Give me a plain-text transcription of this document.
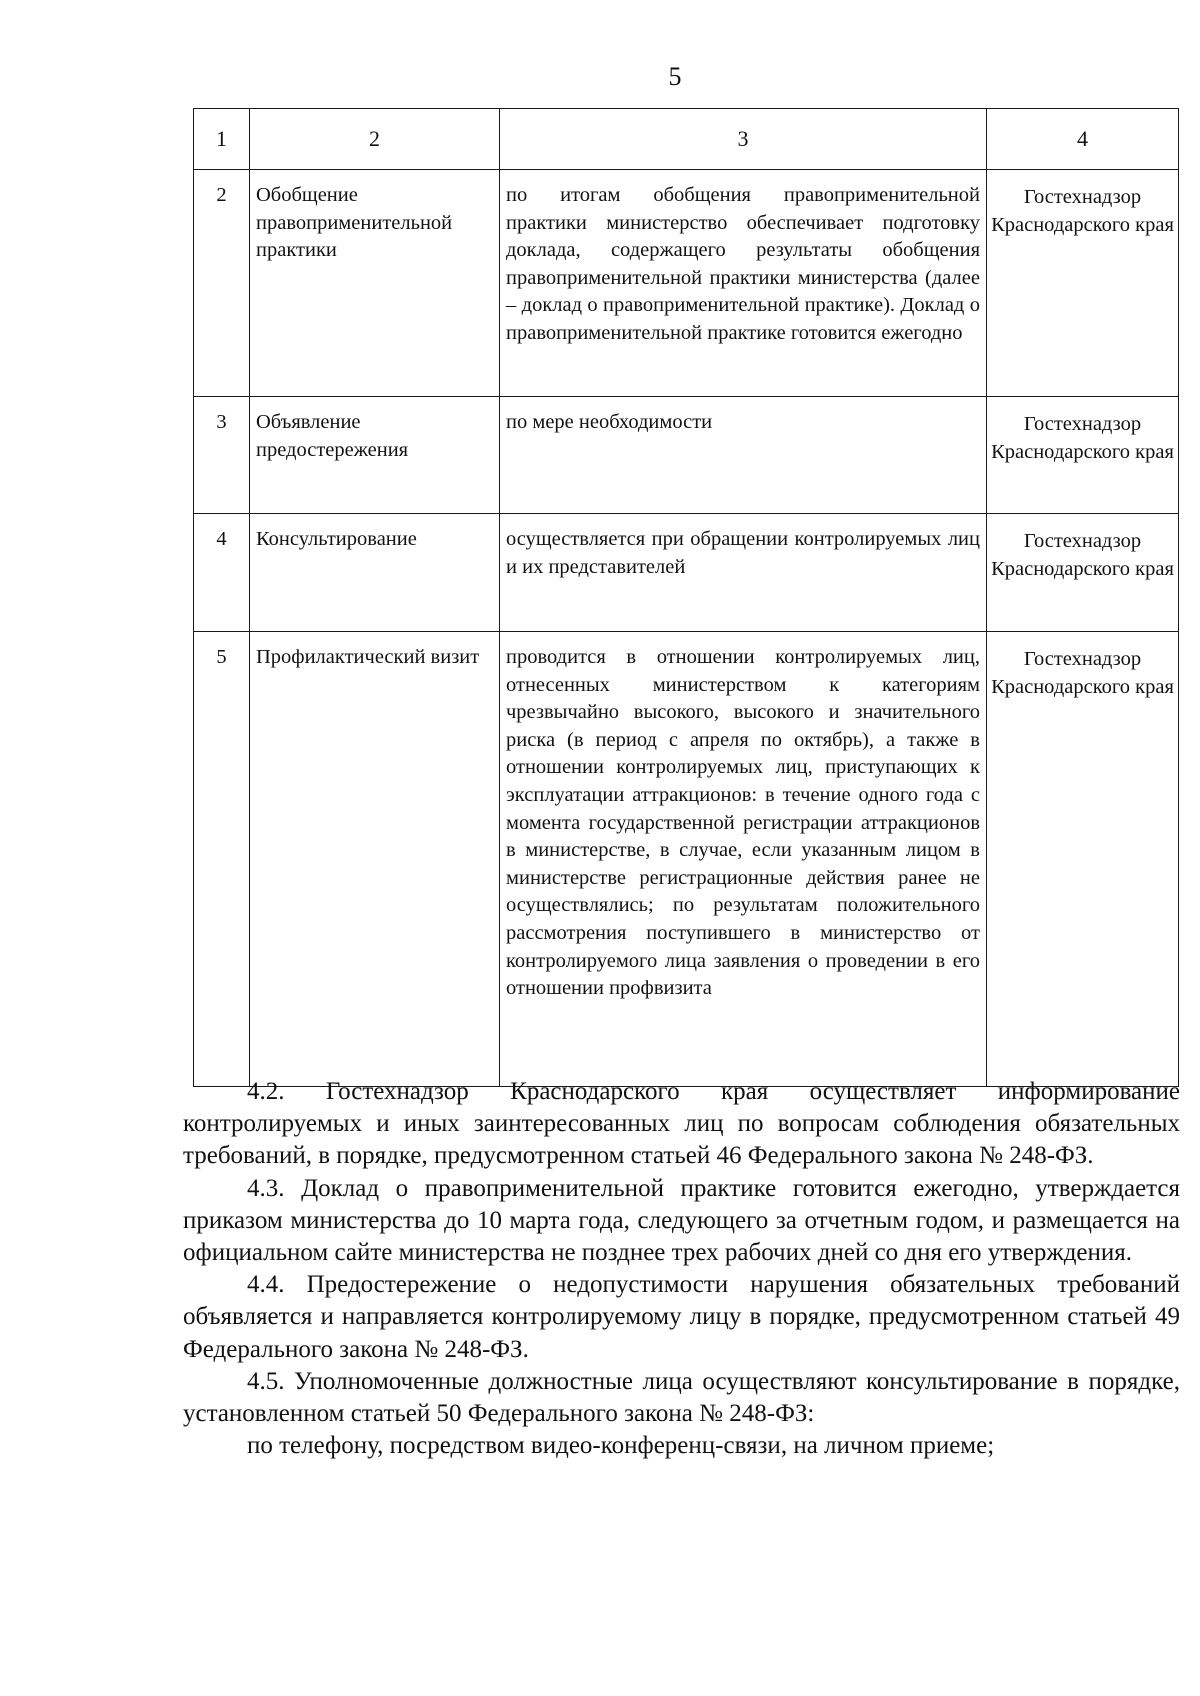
5
1	2	3	4
2	Обобщение правоприменительной практики	по итогам обобщения правоприменительной практики министерство обеспечивает подготовку доклада, содержащего результаты обобщения правоприменительной практики министерства (далее – доклад о правоприменительной практике). Доклад о правоприменительной практике готовится ежегодно	Гостехнадзор Краснодарского края
3	Объявление предостережения	по мере необходимости	Гостехнадзор Краснодарского края
4	Консультирование	осуществляется при обращении контролируемых лиц и их представителей	Гостехнадзор Краснодарского края
5	Профилактический визит	проводится в отношении контролируемых лиц, отнесенных министерством к категориям чрезвычайно высокого, высокого и значительного риска (в период с апреля по октябрь), а также в отношении контролируемых лиц, приступающих к эксплуатации аттракционов: в течение одного года с момента государственной регистрации аттракционов в министерстве, в случае, если указанным лицом в министерстве регистрационные действия ранее не осуществлялись; по результатам положительного рассмотрения поступившего в министерство от контролируемого лица заявления о проведении в его отношении профвизита	Гостехнадзор Краснодарского края

4.2. Гостехнадзор Краснодарского края осуществляет информирование контролируемых и иных заинтересованных лиц по вопросам соблюдения обязательных требований, в порядке, предусмотренном статьей 46 Федерального закона № 248-ФЗ.

4.3. Доклад о правоприменительной практике готовится ежегодно, утверждается приказом министерства до 10 марта года, следующего за отчетным годом, и размещается на официальном сайте министерства не позднее трех рабочих дней со дня его утверждения.

4.4. Предостережение о недопустимости нарушения обязательных требований объявляется и направляется контролируемому лицу в порядке, предусмотренном статьей 49 Федерального закона № 248-ФЗ.

4.5. Уполномоченные должностные лица осуществляют консультирование в порядке, установленном статьей 50 Федерального закона № 248-ФЗ:

по телефону, посредством видео-конференц-связи, на личном приеме;
